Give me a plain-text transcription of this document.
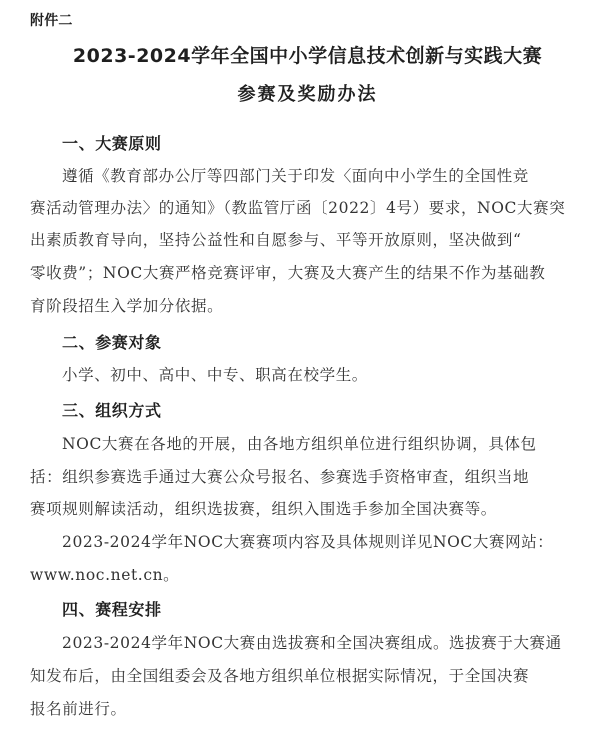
附件二
2023-2024学年全国中小学信息技术创新与实践大赛
参赛及奖励办法
一、大赛原则
遵循《教育部办公厅等四部门关于印发〈面向中小学生的全国性竞
赛活动管理办法〉的通知》（教监管厅函〔2022〕4号）要求，NOC大赛突
出素质教育导向，坚持公益性和自愿参与、平等开放原则，坚决做到“
零收费”；NOC大赛严格竞赛评审，大赛及大赛产生的结果不作为基础教
育阶段招生入学加分依据。
二、参赛对象
小学、初中、高中、中专、职高在校学生。
三、组织方式
NOC大赛在各地的开展，由各地方组织单位进行组织协调，具体包
括：组织参赛选手通过大赛公众号报名、参赛选手资格审查，组织当地
赛项规则解读活动，组织选拔赛，组织入围选手参加全国决赛等。
2023-2024学年NOC大赛赛项内容及具体规则详见NOC大赛网站：
www.noc.net.cn。
四、赛程安排
2023-2024学年NOC大赛由选拔赛和全国决赛组成。选拔赛于大赛通
知发布后，由全国组委会及各地方组织单位根据实际情况，于全国决赛
报名前进行。
